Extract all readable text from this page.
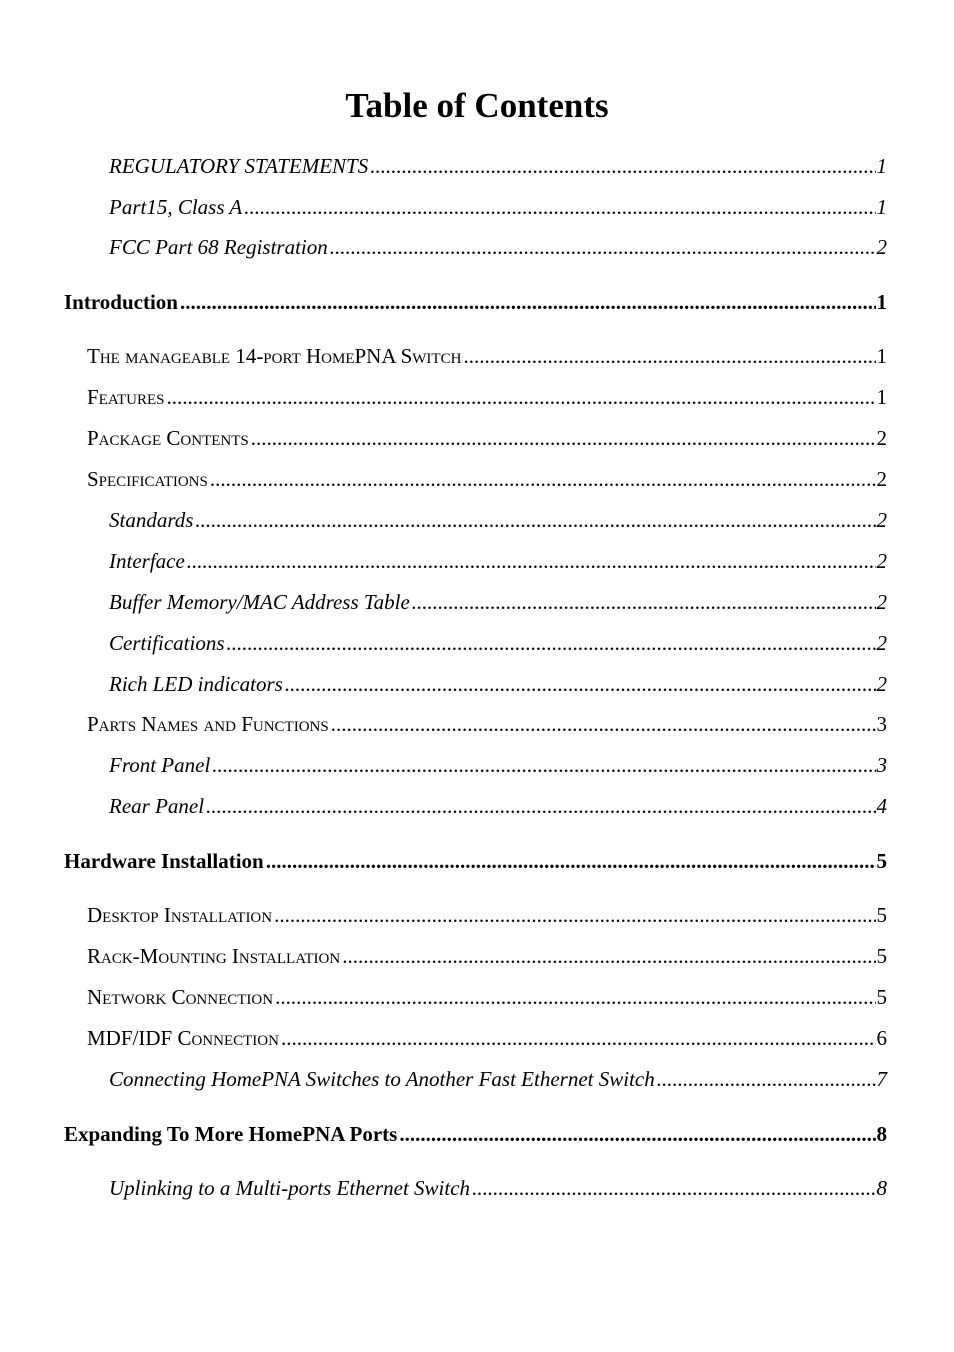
Table of Contents
REGULATORY STATEMENTS .....	1
Part15, Class A .....	1
FCC Part 68 Registration .....	2
Introduction .....	1
The manageable 14-port HomePNA Switch .....	1
Features .....	1
Package Contents .....	2
Specifications .....	2
Standards .....	2
Interface .....	2
Buffer Memory/MAC Address Table .....	2
Certifications .....	2
Rich LED indicators .....	2
Parts Names and Functions .....	3
Front Panel .....	3
Rear Panel .....	4
Hardware Installation .....	5
Desktop Installation .....	5
Rack-Mounting Installation .....	5
Network Connection .....	5
MDF/IDF Connection .....	6
Connecting HomePNA Switches to Another Fast Ethernet Switch .....	7
Expanding To More HomePNA Ports .....	8
Uplinking to a Multi-ports Ethernet Switch .....	8
